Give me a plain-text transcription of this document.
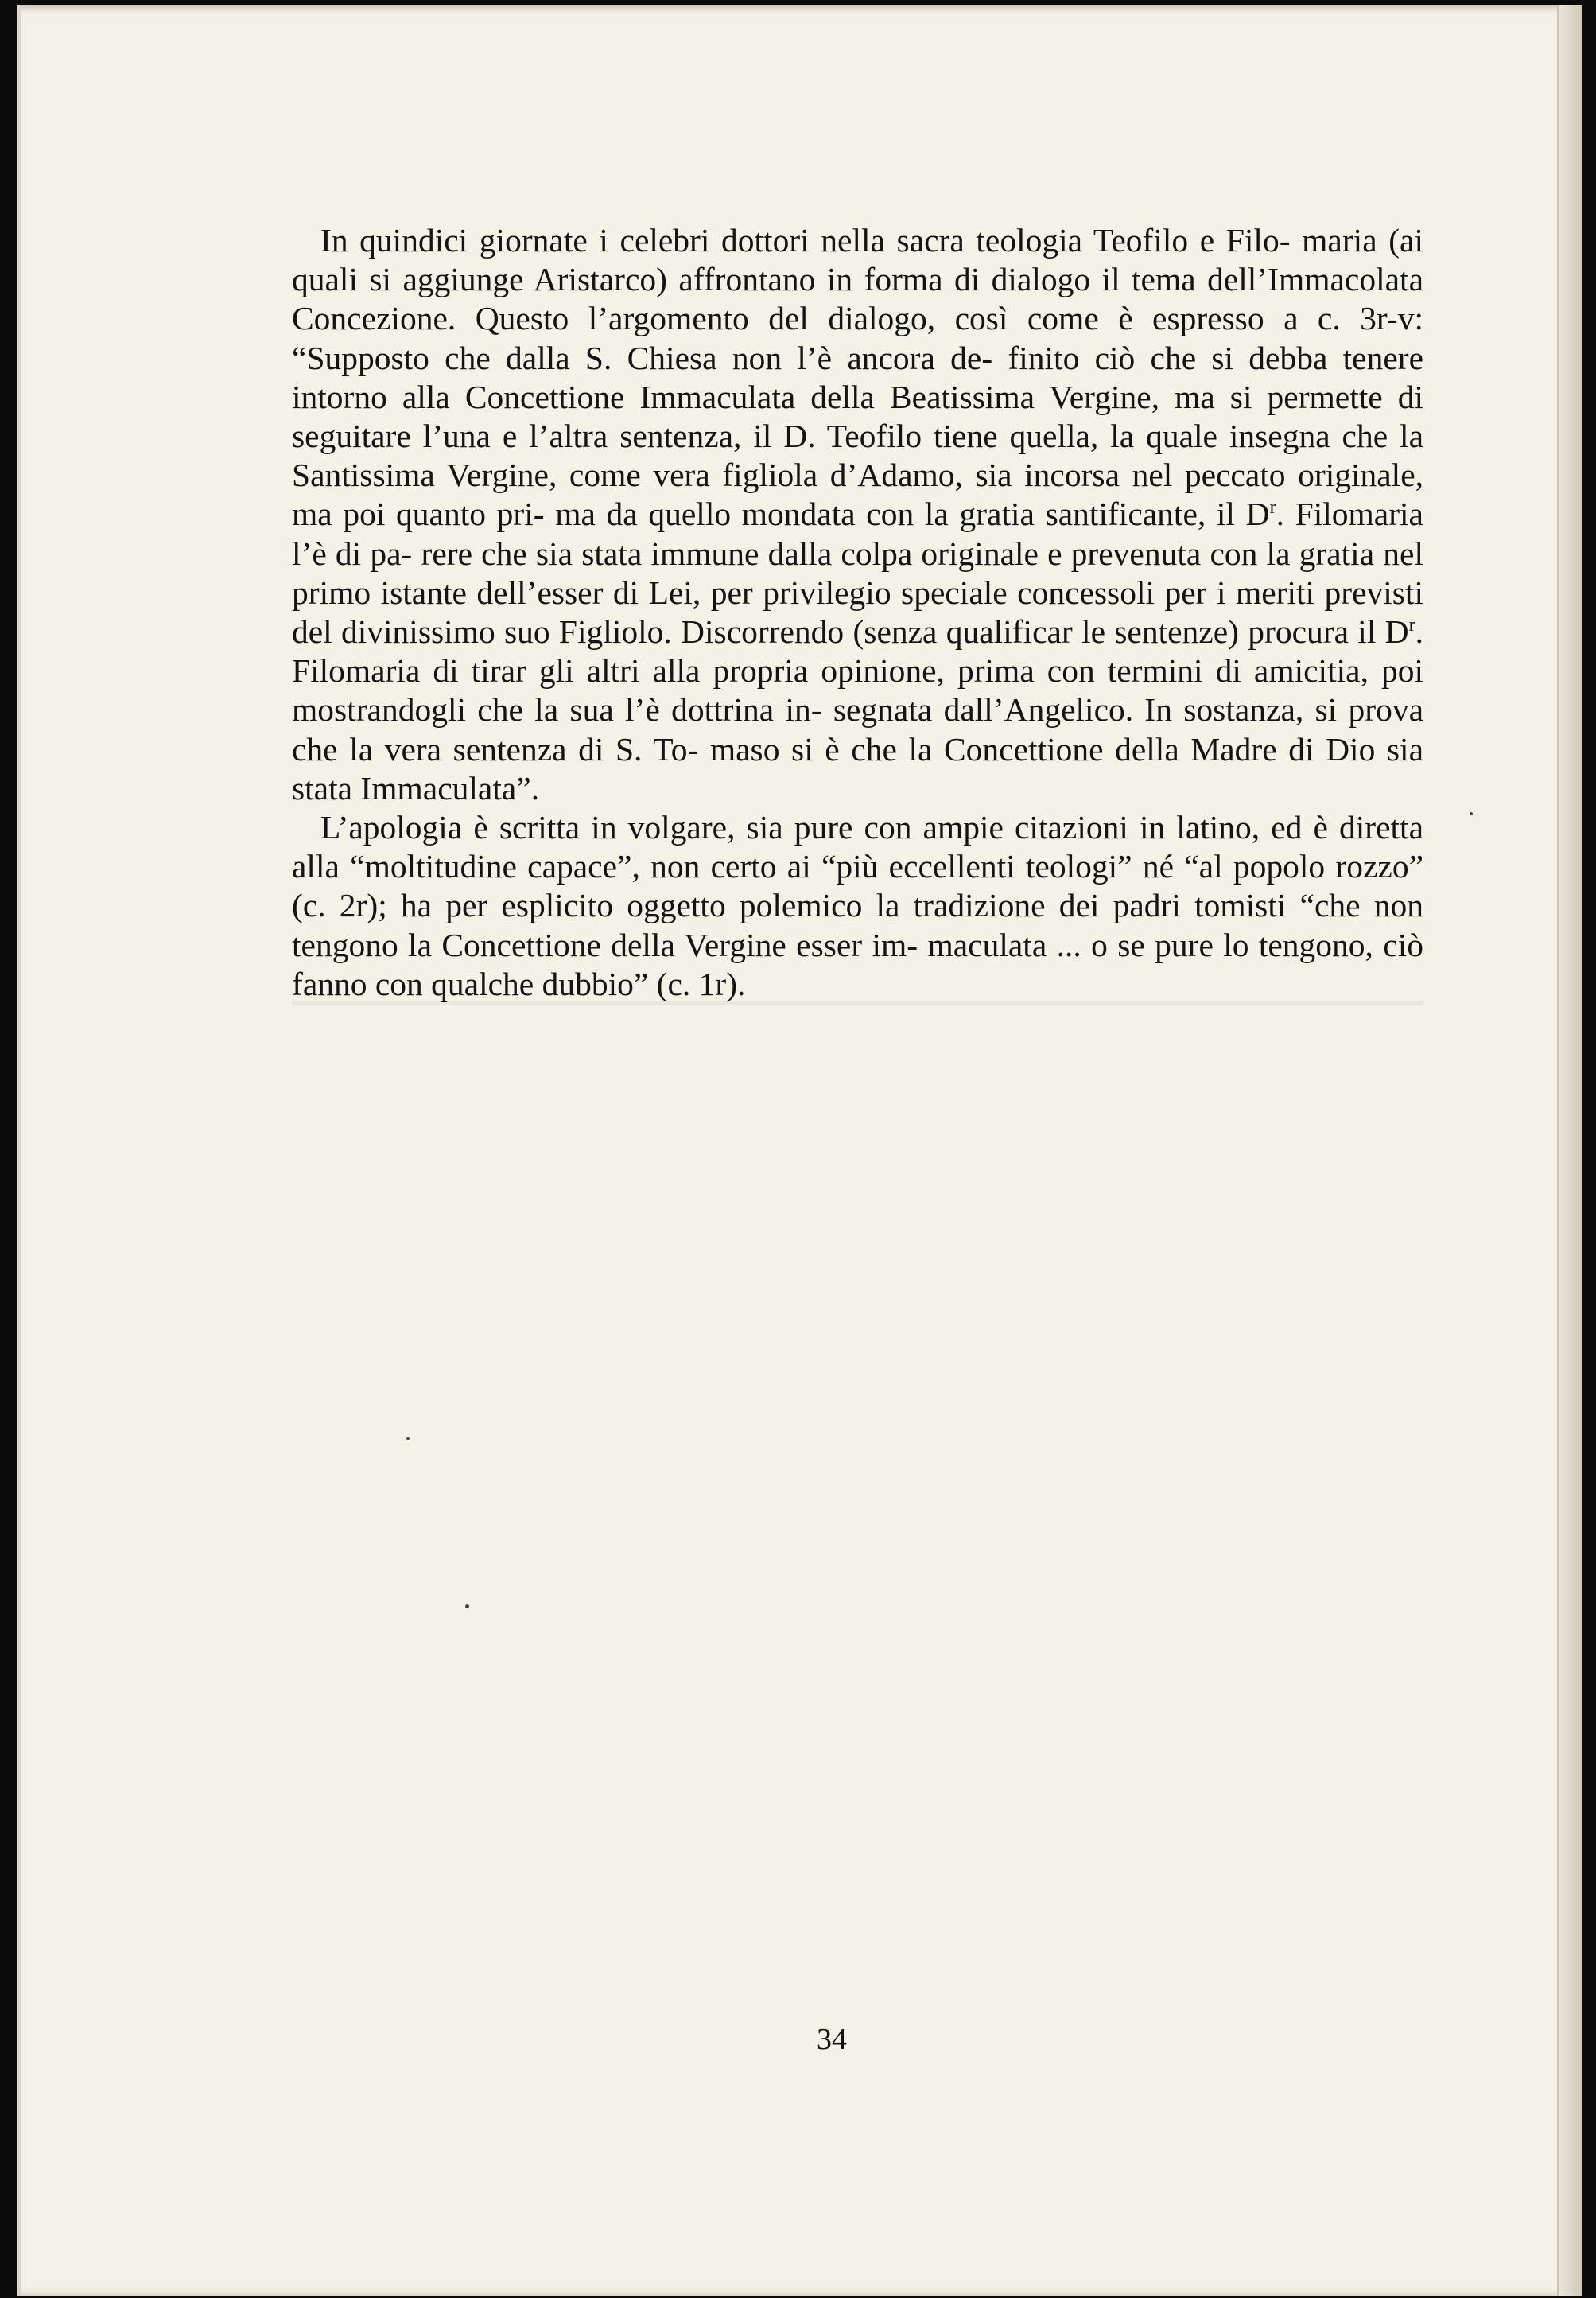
In quindici giornate i celebri dottori nella sacra teologia Teofilo e Filo- maria (ai quali si aggiunge Aristarco) affrontano in forma di dialogo il tema dell’Immacolata Concezione. Questo l’argomento del dialogo, così come è espresso a c. 3r-v: “Supposto che dalla S. Chiesa non l’è ancora de- finito ciò che si debba tenere intorno alla Concettione Immaculata della Beatissima Vergine, ma si permette di seguitare l’una e l’altra sentenza, il D. Teofilo tiene quella, la quale insegna che la Santissima Vergine, come vera figliola d’Adamo, sia incorsa nel peccato originale, ma poi quanto pri- ma da quello mondata con la gratia santificante, il $D^r$. Filomaria l’è di pa- rere che sia stata immune dalla colpa originale e prevenuta con la gratia nel primo istante dell’esser di Lei, per privilegio speciale concessoli per i meriti previsti del divinissimo suo Figliolo. Discorrendo (senza qualificar le sentenze) procura il $D^r$. Filomaria di tirar gli altri alla propria opinione, prima con termini di amicitia, poi mostrandogli che la sua l’è dottrina in- segnata dall’Angelico. In sostanza, si prova che la vera sentenza di S. To- maso si è che la Concettione della Madre di Dio sia stata Immaculata”.

L’apologia è scritta in volgare, sia pure con ampie citazioni in latino, ed è diretta alla “moltitudine capace”, non certo ai “più eccellenti teologi” né “al popolo rozzo” (c. 2r); ha per esplicito oggetto polemico la tradizione dei padri tomisti “che non tengono la Concettione della Vergine esser im- maculata ... o se pure lo tengono, ciò fanno con qualche dubbio” (c. 1r).

34
